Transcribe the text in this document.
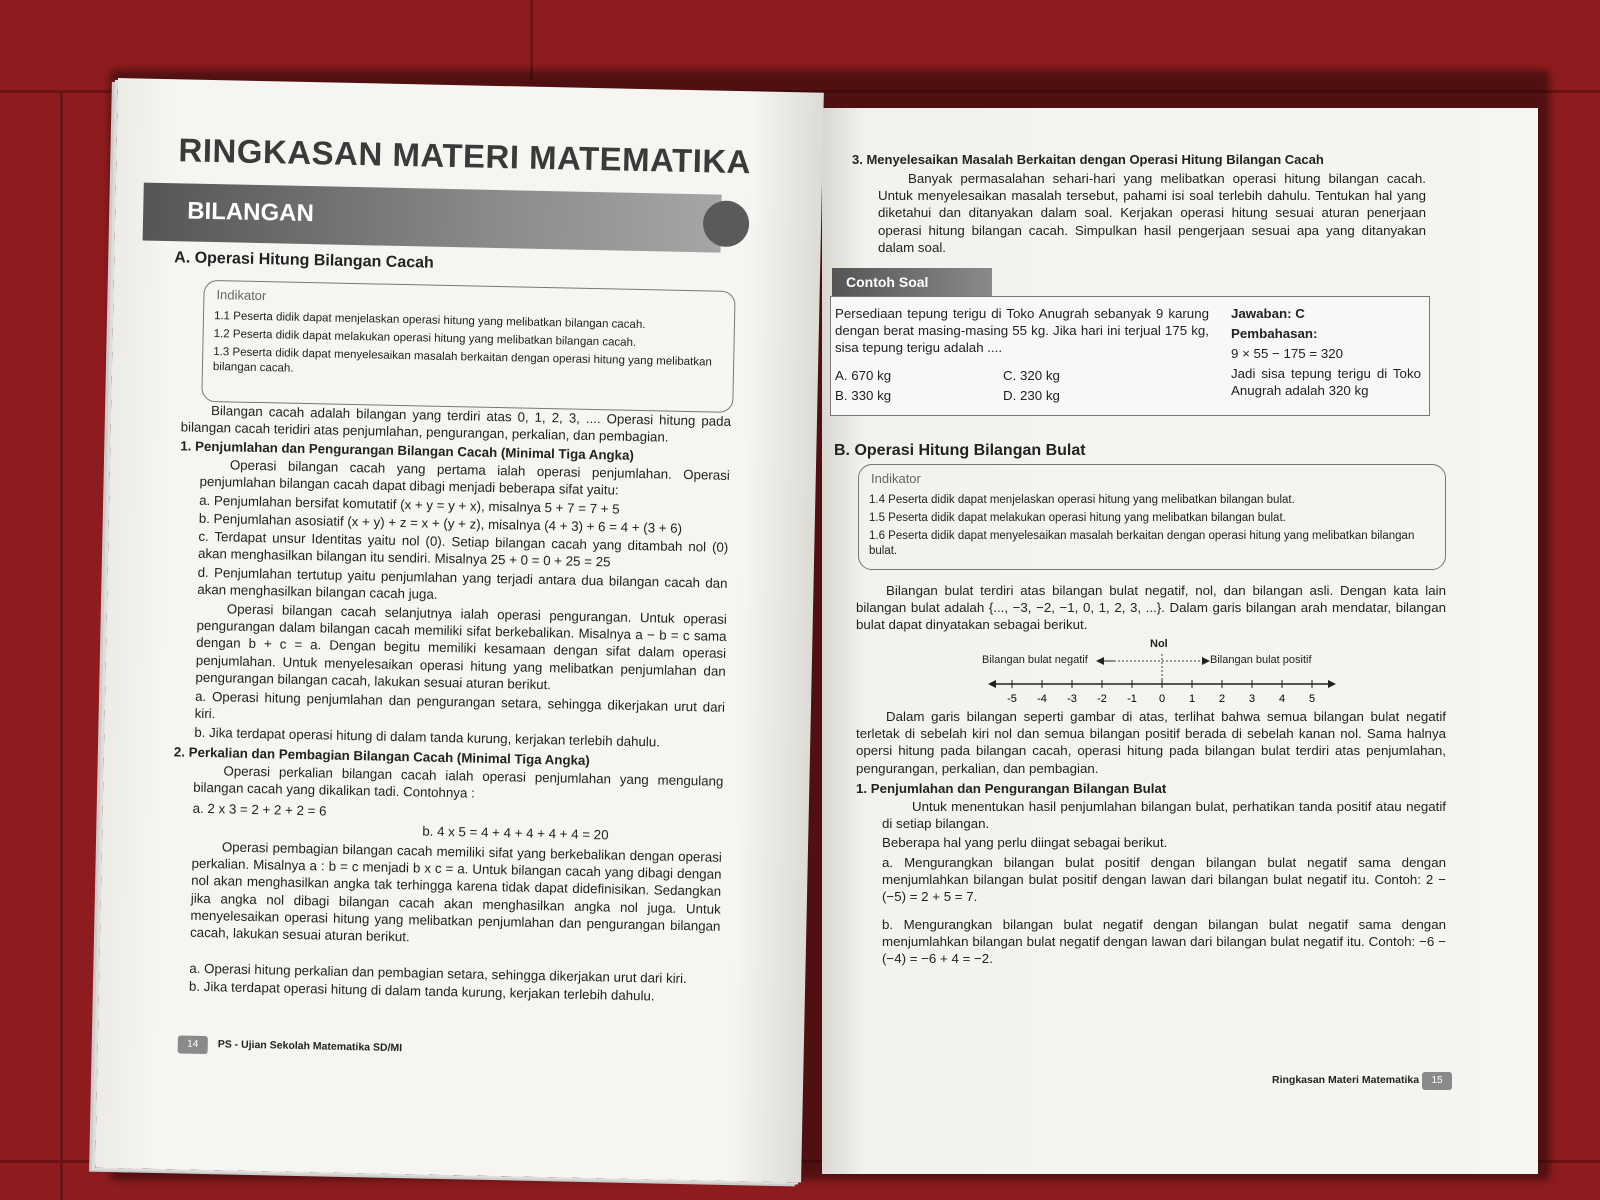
RINGKASAN MATERI MATEMATIKA

BILANGAN

A. Operasi Hitung Bilangan Cacah

Indikator

1.1 Peserta didik dapat menjelaskan operasi hitung yang melibatkan bilangan cacah.

1.2 Peserta didik dapat melakukan operasi hitung yang melibatkan bilangan cacah.

1.3 Peserta didik dapat menyelesaikan masalah berkaitan dengan operasi hitung yang melibatkan bilangan cacah.

Bilangan cacah adalah bilangan yang terdiri atas 0, 1, 2, 3, .... Operasi hitung pada bilangan cacah teridiri atas penjumlahan, pengurangan, perkalian, dan pembagian.

1. Penjumlahan dan Pengurangan Bilangan Cacah (Minimal Tiga Angka)

Operasi bilangan cacah yang pertama ialah operasi penjumlahan. Operasi penjumlahan bilangan cacah dapat dibagi menjadi beberapa sifat yaitu:

a. Penjumlahan bersifat komutatif (x + y = y + x), misalnya 5 + 7 = 7 + 5

b. Penjumlahan asosiatif (x + y) + z = x + (y + z), misalnya (4 + 3) + 6 = 4 + (3 + 6)

c. Terdapat unsur Identitas yaitu nol (0). Setiap bilangan cacah yang ditambah nol (0) akan menghasilkan bilangan itu sendiri. Misalnya 25 + 0 = 0 + 25 = 25

d. Penjumlahan tertutup yaitu penjumlahan yang terjadi antara dua bilangan cacah dan akan menghasilkan bilangan cacah juga.

Operasi bilangan cacah selanjutnya ialah operasi pengurangan. Untuk operasi pengurangan dalam bilangan cacah memiliki sifat berkebalikan. Misalnya a − b = c sama dengan b + c = a. Dengan begitu memiliki kesamaan dengan sifat dalam operasi penjumlahan. Untuk menyelesaikan operasi hitung yang melibatkan penjumlahan dan pengurangan bilangan cacah, lakukan sesuai aturan berikut.

a. Operasi hitung penjumlahan dan pengurangan setara, sehingga dikerjakan urut dari kiri.

b. Jika terdapat operasi hitung di dalam tanda kurung, kerjakan terlebih dahulu.

2. Perkalian dan Pembagian Bilangan Cacah (Minimal Tiga Angka)

Operasi perkalian bilangan cacah ialah operasi penjumlahan yang mengulang bilangan cacah yang dikalikan tadi. Contohnya :

a. 2 x 3 = 2 + 2 + 2 = 6

b. 4 x 5 = 4 + 4 + 4 + 4 + 4 = 20

Operasi pembagian bilangan cacah memiliki sifat yang berkebalikan dengan operasi perkalian. Misalnya a : b = c menjadi b x c = a. Untuk bilangan cacah yang dibagi dengan nol akan menghasilkan angka tak terhingga karena tidak dapat didefinisikan. Sedangkan jika angka nol dibagi bilangan cacah akan menghasilkan angka nol juga. Untuk menyelesaikan operasi hitung yang melibatkan penjumlahan dan pengurangan bilangan cacah, lakukan sesuai aturan berikut.

a. Operasi hitung perkalian dan pembagian setara, sehingga dikerjakan urut dari kiri.

b. Jika terdapat operasi hitung di dalam tanda kurung, kerjakan terlebih dahulu.

14	PS - Ujian Sekolah Matematika SD/MI

3. Menyelesaikan Masalah Berkaitan dengan Operasi Hitung Bilangan Cacah

Banyak permasalahan sehari-hari yang melibatkan operasi hitung bilangan cacah. Untuk menyelesaikan masalah tersebut, pahami isi soal terlebih dahulu. Tentukan hal yang diketahui dan ditanyakan dalam soal. Kerjakan operasi hitung sesuai aturan penerjaan operasi hitung bilangan cacah. Simpulkan hasil pengerjaan sesuai apa yang ditanyakan dalam soal.

Contoh Soal

Persediaan tepung terigu di Toko Anugrah sebanyak 9 karung dengan berat masing-masing 55 kg. Jika hari ini terjual 175 kg, sisa tepung terigu adalah ....

A. 670 kg

B. 330 kg

C. 320 kg

D. 230 kg

Jawaban: C

Pembahasan:

9 × 55 − 175 = 320

Jadi sisa tepung terigu di Toko Anugrah adalah 320 kg

B. Operasi Hitung Bilangan Bulat

Indikator

1.4 Peserta didik dapat menjelaskan operasi hitung yang melibatkan bilangan bulat.

1.5 Peserta didik dapat melakukan operasi hitung yang melibatkan bilangan bulat.

1.6 Peserta didik dapat menyelesaikan masalah berkaitan dengan operasi hitung yang melibatkan bilangan bulat.

Bilangan bulat terdiri atas bilangan bulat negatif, nol, dan bilangan asli. Dengan kata lain bilangan bulat adalah {..., −3, −2, −1, 0, 1, 2, 3, ...}. Dalam garis bilangan arah mendatar, bilangan bulat dapat dinyatakan sebagai berikut.

Nol

Bilangan bulat negatif	Bilangan bulat positif

-5 -4 -3 -2 -1 0 1 2 3 4 5

Dalam garis bilangan seperti gambar di atas, terlihat bahwa semua bilangan bulat negatif terletak di sebelah kiri nol dan semua bilangan positif berada di sebelah kanan nol. Sama halnya opersi hitung pada bilangan cacah, operasi hitung pada bilangan bulat terdiri atas penjumlahan, pengurangan, perkalian, dan pembagian.

1. Penjumlahan dan Pengurangan Bilangan Bulat

Untuk menentukan hasil penjumlahan bilangan bulat, perhatikan tanda positif atau negatif di setiap bilangan.

Beberapa hal yang perlu diingat sebagai berikut.

a. Mengurangkan bilangan bulat positif dengan bilangan bulat negatif sama dengan menjumlahkan bilangan bulat positif dengan lawan dari bilangan bulat negatif itu. Contoh: 2 − (−5) = 2 + 5 = 7.

b. Mengurangkan bilangan bulat negatif dengan bilangan bulat negatif sama dengan menjumlahkan bilangan bulat negatif dengan lawan dari bilangan bulat negatif itu. Contoh: −6 − (−4) = −6 + 4 = −2.

Ringkasan Materi Matematika	15
